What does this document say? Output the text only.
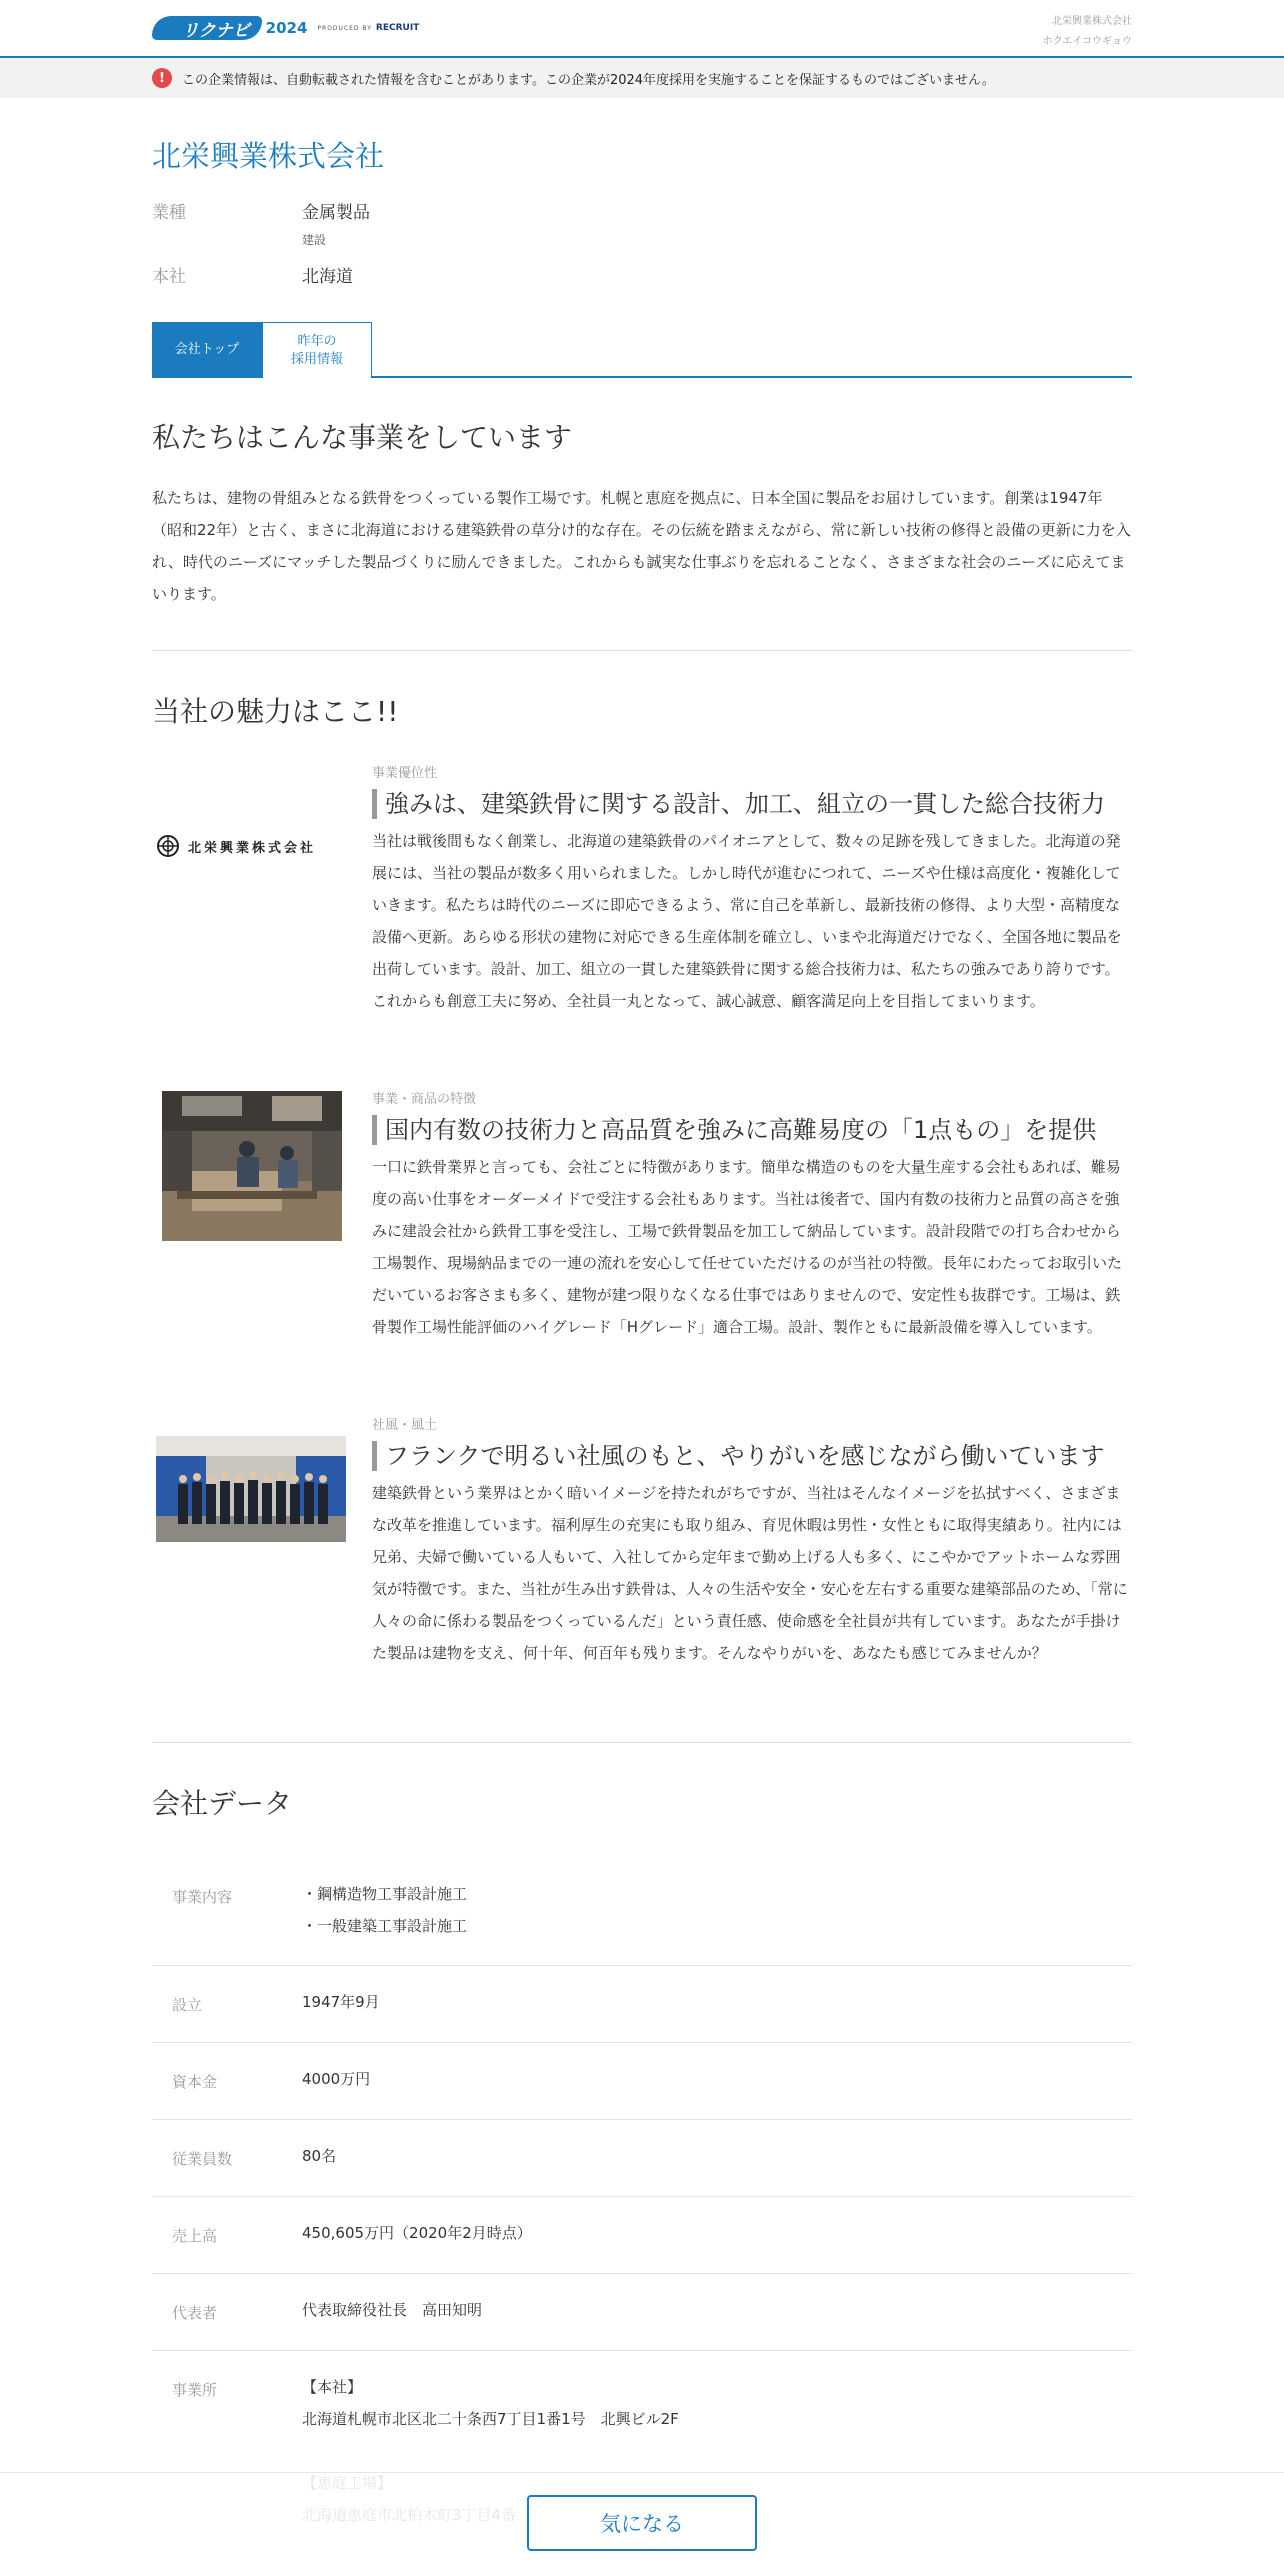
リクナビ	2024 PRODUCED BY RECRUIT
北栄興業株式会社
ホクエイコウギョウ
!	この企業情報は、自動転載された情報を含むことがあります。この企業が2024年度採用を実施することを保証するものではございません。
北栄興業株式会社
業種	金属製品
建設
本社	北海道
会社トップ
昨年の
採用情報
私たちはこんな事業をしています
私たちは、建物の骨組みとなる鉄骨をつくっている製作工場です。札幌と恵庭を拠点に、日本全国に製品をお届けしています。創業は1947年（昭和22年）と古く、まさに北海道における建築鉄骨の草分け的な存在。その伝統を踏まえながら、常に新しい技術の修得と設備の更新に力を入れ、時代のニーズにマッチした製品づくりに励んできました。これからも誠実な仕事ぶりを忘れることなく、さまざまな社会のニーズに応えてまいります。
当社の魅力はここ!!
北栄興業株式会社
事業優位性
強みは、建築鉄骨に関する設計、加工、組立の一貫した総合技術力
当社は戦後間もなく創業し、北海道の建築鉄骨のパイオニアとして、数々の足跡を残してきました。北海道の発展には、当社の製品が数多く用いられました。しかし時代が進むにつれて、ニーズや仕様は高度化・複雑化していきます。私たちは時代のニーズに即応できるよう、常に自己を革新し、最新技術の修得、より大型・高精度な設備へ更新。あらゆる形状の建物に対応できる生産体制を確立し、いまや北海道だけでなく、全国各地に製品を出荷しています。設計、加工、組立の一貫した建築鉄骨に関する総合技術力は、私たちの強みであり誇りです。これからも創意工夫に努め、全社員一丸となって、誠心誠意、顧客満足向上を目指してまいります。
事業・商品の特徴
国内有数の技術力と高品質を強みに高難易度の「1点もの」を提供
一口に鉄骨業界と言っても、会社ごとに特徴があります。簡単な構造のものを大量生産する会社もあれば、難易度の高い仕事をオーダーメイドで受注する会社もあります。当社は後者で、国内有数の技術力と品質の高さを強みに建設会社から鉄骨工事を受注し、工場で鉄骨製品を加工して納品しています。設計段階での打ち合わせから工場製作、現場納品までの一連の流れを安心して任せていただけるのが当社の特徴。長年にわたってお取引いただいているお客さまも多く、建物が建つ限りなくなる仕事ではありませんので、安定性も抜群です。工場は、鉄骨製作工場性能評価のハイグレード「Hグレード」適合工場。設計、製作ともに最新設備を導入しています。
社風・風土
フランクで明るい社風のもと、やりがいを感じながら働いています
建築鉄骨という業界はとかく暗いイメージを持たれがちですが、当社はそんなイメージを払拭すべく、さまざまな改革を推進しています。福利厚生の充実にも取り組み、育児休暇は男性・女性ともに取得実績あり。社内には兄弟、夫婦で働いている人もいて、入社してから定年まで勤め上げる人も多く、にこやかでアットホームな雰囲気が特徴です。また、当社が生み出す鉄骨は、人々の生活や安全・安心を左右する重要な建築部品のため、「常に人々の命に係わる製品をつくっているんだ」という責任感、使命感を全社員が共有しています。あなたが手掛けた製品は建物を支え、何十年、何百年も残ります。そんなやりがいを、あなたも感じてみませんか？
会社データ
事業内容	・鋼構造物工事設計施工
・一般建築工事設計施工
設立	1947年9月
資本金	4000万円
従業員数	80名
売上高	450,605万円（2020年2月時点）
代表者	代表取締役社長　高田知明
事業所	【本社】
北海道札幌市北区北二十条西7丁目1番1号　北興ビル2F
気になる
